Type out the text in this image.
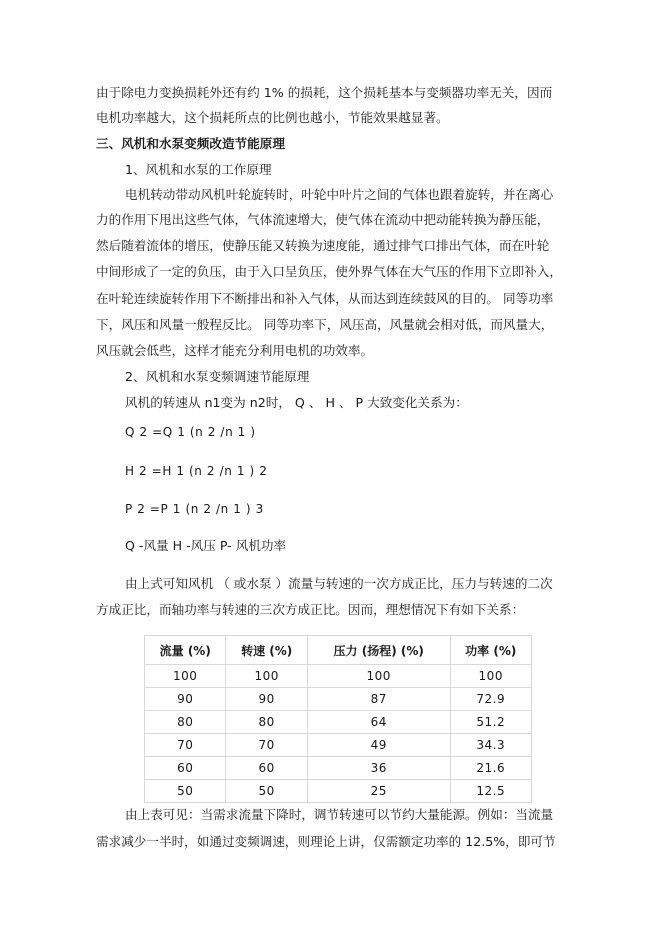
由于除电力变换损耗外还有约 1% 的损耗，这个损耗基本与变频器功率无关，因而
电机功率越大，这个损耗所点的比例也越小，节能效果越显著。
三、风机和水泵变频改造节能原理
1、风机和水泵的工作原理
电机转动带动风机叶轮旋转时，叶轮中叶片之间的气体也跟着旋转，并在离心
力的作用下甩出这些气体，气体流速增大，使气体在流动中把动能转换为静压能，
然后随着流体的增压，使静压能又转换为速度能，通过排气口排出气体，而在叶轮
中间形成了一定的负压，由于入口呈负压，使外界气体在大气压的作用下立即补入，
在叶轮连续旋转作用下不断排出和补入气体，从而达到连续鼓风的目的。 同等功率
下，风压和风量一般程反比。 同等功率下，风压高，风量就会相对低，而风量大，
风压就会低些，这样才能充分利用电机的功效率。
2、风机和水泵变频调速节能原理
风机的转速从 n1变为 n2时， Q 、 H 、 P 大致变化关系为：
Q 2 =Q 1 (n 2 /n 1 )
H 2 =H 1 (n 2 /n 1 ) 2
P 2 =P 1 (n 2 /n 1 ) 3
Q -风量 H -风压 P- 风机功率
由上式可知风机 （ 或水泵 ）流量与转速的一次方成正比，压力与转速的二次
方成正比，而轴功率与转速的三次方成正比。因而，理想情况下有如下关系：
流量 (%)	转速 (%)	压力 (扬程) (%)	功率 (%)
100	100	100	100
90	90	87	72.9
80	80	64	51.2
70	70	49	34.3
60	60	36	21.6
50	50	25	12.5
由上表可见：当需求流量下降时，调节转速可以节约大量能源。例如：当流量
需求减少一半时，如通过变频调速，则理论上讲，仅需额定功率的 12.5%，即可节
